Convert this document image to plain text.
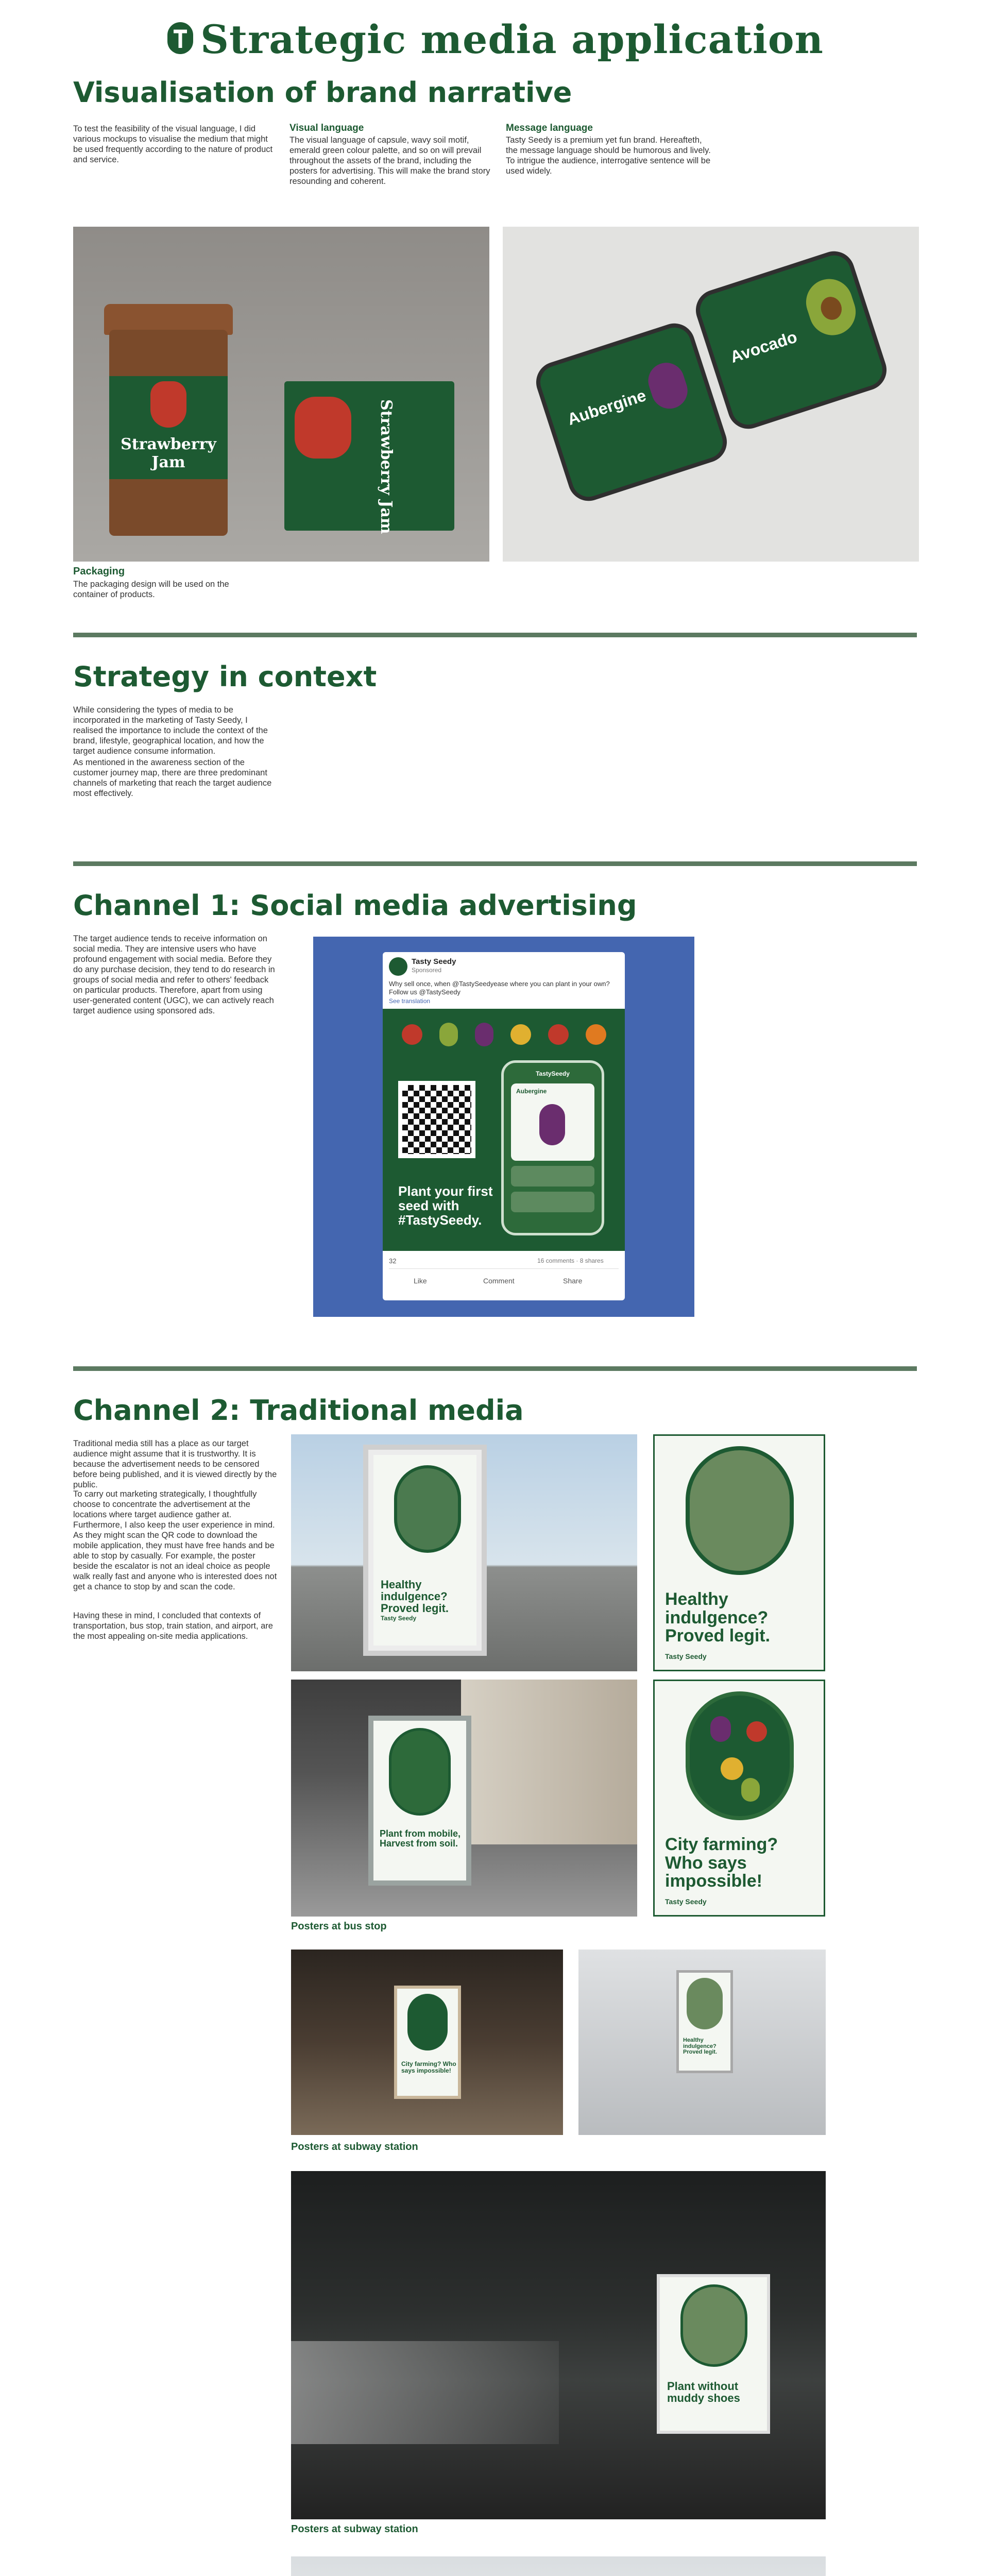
Strategic media application
Visualisation of brand narrative

To test the feasibility of the visual language, I did various mockups to visualise the medium that might be used frequently according to the nature of product and service.

Visual language

The visual language of capsule, wavy soil motif, emerald green colour palette, and so on will prevail throughout the assets of the brand, including the posters for advertising. This will make the brand story resounding and coherent.

Message language

Tasty Seedy is a premium yet fun brand. Hereafteth, the message language should be humorous and lively. To intrigue the audience, interrogative sentence will be used widely.

Strawberry Jam	Strawberry Jam	Aubergine
Avocado
Packaging

The packaging design will be used on the container of products.

Strategy in context

While considering the types of media to be incorporated in the marketing of Tasty Seedy, I realised the importance to include the context of the brand, lifestyle, geographical location, and how the target audience consume information.

As mentioned in the awareness section of the customer journey map, there are three predominant channels of marketing that reach the target audience most effectively.

Channel 1: Social media advertising

The target audience tends to receive information on social media. They are intensive users who have profound engagement with social media. Before they do any purchase decision, they tend to do research in groups of social media and refer to others' feedback on particular products. Therefore, apart from using user-generated content (UGC), we can actively reach target audience using sponsored ads.

Tasty Seedy
Sponsored
Why sell once, when @TastySeedyease where you can plant in your own? Follow us @TastySeedy
See translation
TastySeedy
Aubergine
Plant your first seed with #TastySeedy.
32	16 comments · 8 shares
Like	Comment	Share
Channel 2: Traditional media

Traditional media still has a place as our target audience might assume that it is trustworthy. It is because the advertisement needs to be censored before being published, and it is viewed directly by the public.

To carry out marketing strategically, I thoughtfully choose to concentrate the advertisement at the locations where target audience gather at. Furthermore, I also keep the user experience in mind. As they might scan the QR code to download the mobile application, they must have free hands and be able to stop by casually. For example, the poster beside the escalator is not an ideal choice as people walk really fast and anyone who is interested does not get a chance to stop by and scan the code.

Having these in mind, I concluded that contexts of transportation, bus stop, train station, and airport, are the most appealing on-site media applications.

Healthy indulgence? Proved legit.
Tasty Seedy
Healthy indulgence? Proved legit.
Tasty Seedy
Plant from mobile, Harvest from soil.	City farming? Who says impossible!
Tasty Seedy
Posters at bus stop
City farming? Who says impossible!
Healthy indulgence? Proved legit.
Posters at subway station
Plant without muddy shoes
Posters at subway station
